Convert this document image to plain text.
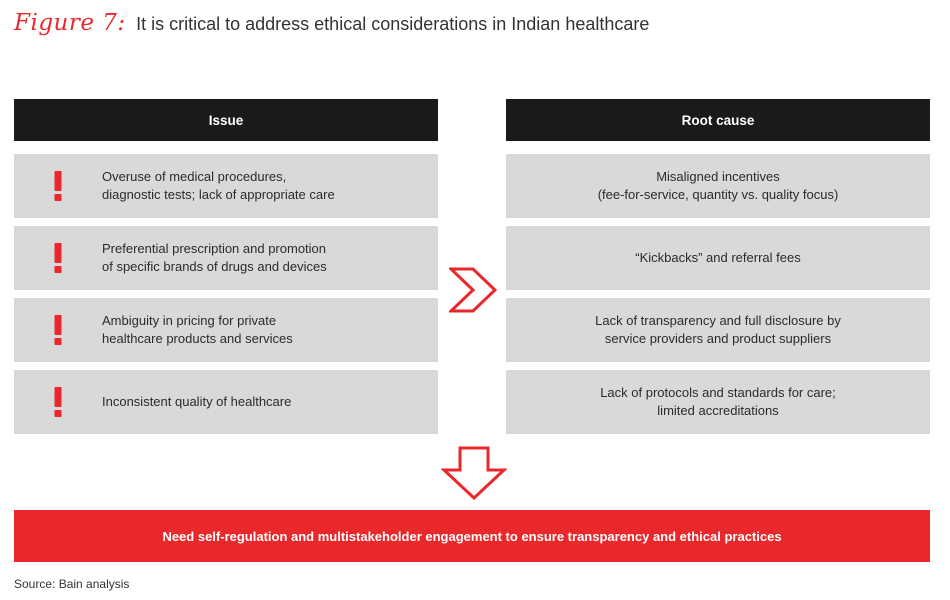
Figure 7: It is critical to address ethical considerations in Indian healthcare
Issue	Root cause
Overuse of medical procedures,
diagnostic tests; lack of appropriate care
Preferential prescription and promotion
of specific brands of drugs and devices
Ambiguity in pricing for private
healthcare products and services
Inconsistent quality of healthcare
Misaligned incentives
(fee-for-service, quantity vs. quality focus)
“Kickbacks” and referral fees
Lack of transparency and full disclosure by
service providers and product suppliers
Lack of protocols and standards for care;
limited accreditations
Need self-regulation and multistakeholder engagement to ensure transparency and ethical practices
Source: Bain analysis
